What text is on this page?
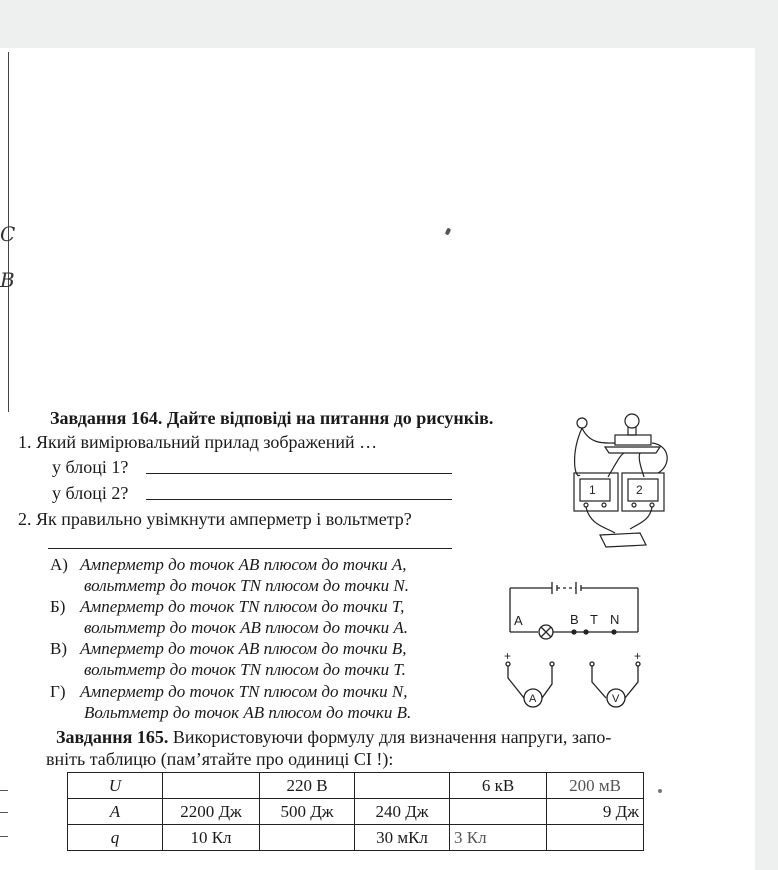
С
В
Завдання 164. Дайте відповіді на питання до рисунків.
1. Який вимірювальний прилад зображений …
у блоці 1?
у блоці 2?
2. Як правильно увімкнути амперметр і вольтметр?
А) Амперметр до точок AB плюсом до точки A,
вольтметр до точок TN плюсом до точки N.
Б) Амперметр до точок TN плюсом до точки T,
вольтметр до точок AB плюсом до точки A.
В) Амперметр до точок AB плюсом до точки B,
вольтметр до точок TN плюсом до точки T.
Г) Амперметр до точок TN плюсом до точки N,
Вольтметр до точок AB плюсом до точки B.
1	2
A	B T N
+	+
A	V
Завдання 165. Використовуючи формулу для визначення напруги, запо-
вніть таблицю (пам’ятайте про одиниці СІ !):
U		220 В		6 кВ	200 мВ
A	2200 Дж	500 Дж	240 Дж		9 Дж
q	10 Кл		30 мКл	3 Кл	
